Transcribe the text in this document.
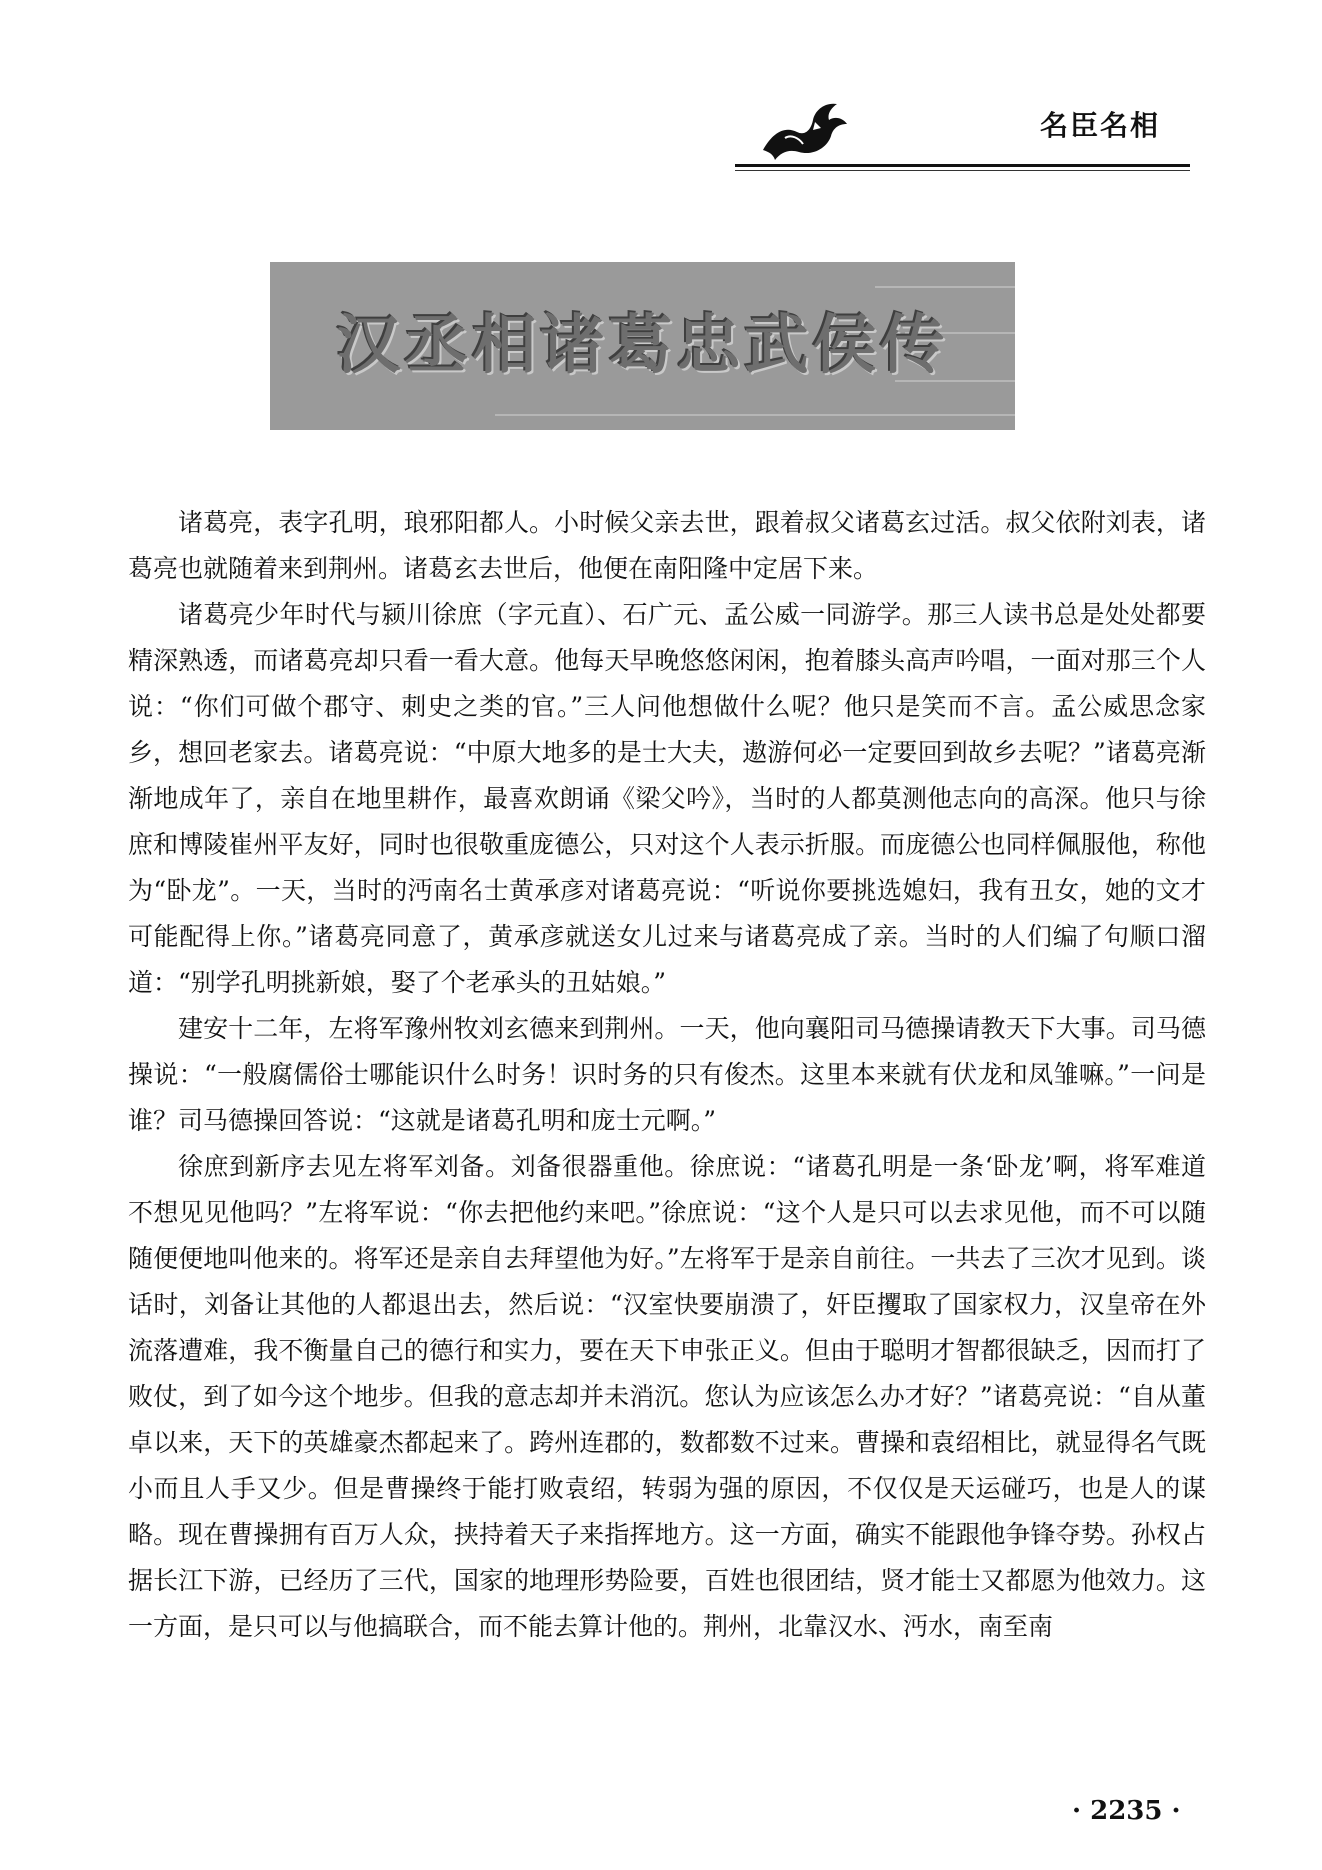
名臣名相
汉丞相诸葛忠武侯传

诸葛亮，表字孔明，琅邪阳都人。小时候父亲去世，跟着叔父诸葛玄过活。叔父依附刘表，诸葛亮也就随着来到荆州。诸葛玄去世后，他便在南阳隆中定居下来。

诸葛亮少年时代与颍川徐庶（字元直）、石广元、孟公威一同游学。那三人读书总是处处都要精深熟透，而诸葛亮却只看一看大意。他每天早晚悠悠闲闲，抱着膝头高声吟唱，一面对那三个人说：“你们可做个郡守、刺史之类的官。”三人问他想做什么呢？他只是笑而不言。孟公威思念家乡，想回老家去。诸葛亮说：“中原大地多的是士大夫，遨游何必一定要回到故乡去呢？”诸葛亮渐渐地成年了，亲自在地里耕作，最喜欢朗诵《梁父吟》，当时的人都莫测他志向的高深。他只与徐庶和博陵崔州平友好，同时也很敬重庞德公，只对这个人表示折服。而庞德公也同样佩服他，称他为“卧龙”。一天，当时的沔南名士黄承彦对诸葛亮说：“听说你要挑选媳妇，我有丑女，她的文才可能配得上你。”诸葛亮同意了，黄承彦就送女儿过来与诸葛亮成了亲。当时的人们编了句顺口溜道：“别学孔明挑新娘，娶了个老承头的丑姑娘。”

建安十二年，左将军豫州牧刘玄德来到荆州。一天，他向襄阳司马德操请教天下大事。司马德操说：“一般腐儒俗士哪能识什么时务！识时务的只有俊杰。这里本来就有伏龙和凤雏嘛。”一问是谁？司马德操回答说：“这就是诸葛孔明和庞士元啊。”

徐庶到新序去见左将军刘备。刘备很器重他。徐庶说：“诸葛孔明是一条‘卧龙’啊，将军难道不想见见他吗？”左将军说：“你去把他约来吧。”徐庶说：“这个人是只可以去求见他，而不可以随随便便地叫他来的。将军还是亲自去拜望他为好。”左将军于是亲自前往。一共去了三次才见到。谈话时，刘备让其他的人都退出去，然后说：“汉室快要崩溃了，奸臣攫取了国家权力，汉皇帝在外流落遭难，我不衡量自己的德行和实力，要在天下申张正义。但由于聪明才智都很缺乏，因而打了败仗，到了如今这个地步。但我的意志却并未消沉。您认为应该怎么办才好？”诸葛亮说：“自从董卓以来，天下的英雄豪杰都起来了。跨州连郡的，数都数不过来。曹操和袁绍相比，就显得名气既小而且人手又少。但是曹操终于能打败袁绍，转弱为强的原因，不仅仅是天运碰巧，也是人的谋略。现在曹操拥有百万人众，挟持着天子来指挥地方。这一方面，确实不能跟他争锋夺势。孙权占据长江下游，已经历了三代，国家的地理形势险要，百姓也很团结，贤才能士又都愿为他效力。这一方面，是只可以与他搞联合，而不能去算计他的。荆州，北靠汉水、沔水，南至南

· 2235 ·
